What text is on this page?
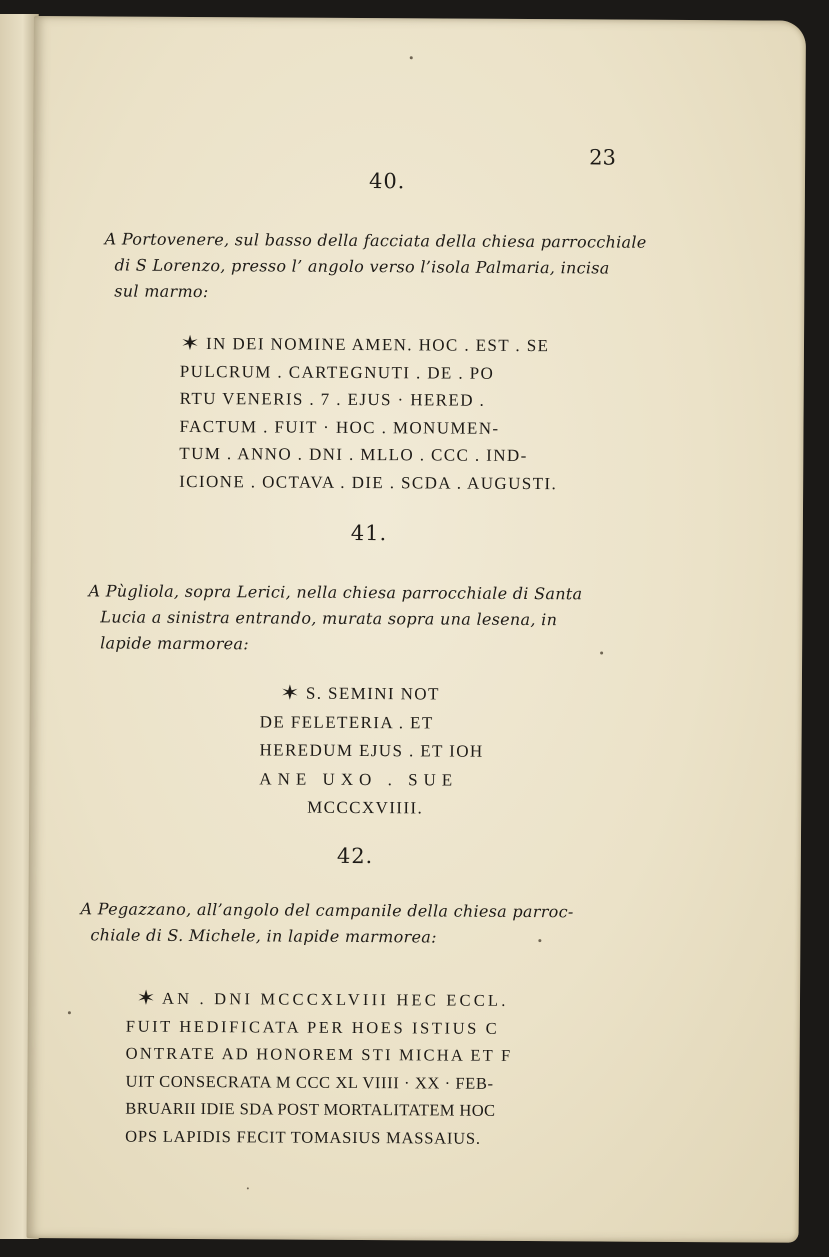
23
40.
A Portovenere, sul basso della facciata della chiesa parrocchiale
di S Lorenzo, presso l’ angolo verso l’isola Palmaria, incisa
sul marmo:
IN DEI NOMINE AMEN. HOC . EST . SE
PULCRUM . CARTEGNUTI . DE . PO
RTU VENERIS . 7 . EJUS · HERED .
FACTUM . FUIT · HOC . MONUMEN-
TUM . ANNO . DNI . MLLO . CCC . IND-
ICIONE . OCTAVA . DIE . SCDA . AUGUSTI.
41.
A Pùgliola, sopra Lerici, nella chiesa parrocchiale di Santa
Lucia a sinistra entrando, murata sopra una lesena, in
lapide marmorea:
S. SEMINI NOT
DE FELETERIA . ET
HEREDUM EJUS . ET IOH
ANE UXO . SUE
MCCCXVIIII.
42.
A Pegazzano, all’angolo del campanile della chiesa parroc-
chiale di S. Michele, in lapide marmorea:
AN . DNI MCCCXLVIII HEC ECCL.
FUIT HEDIFICATA PER HOES ISTIUS C
ONTRATE AD HONOREM STI MICHA ET F
UIT CONSECRATA M CCC XL VIIII · XX · FEB-
BRUARII IDIE SDA POST MORTALITATEM HOC
OPS LAPIDIS FECIT TOMASIUS MASSAIUS.
